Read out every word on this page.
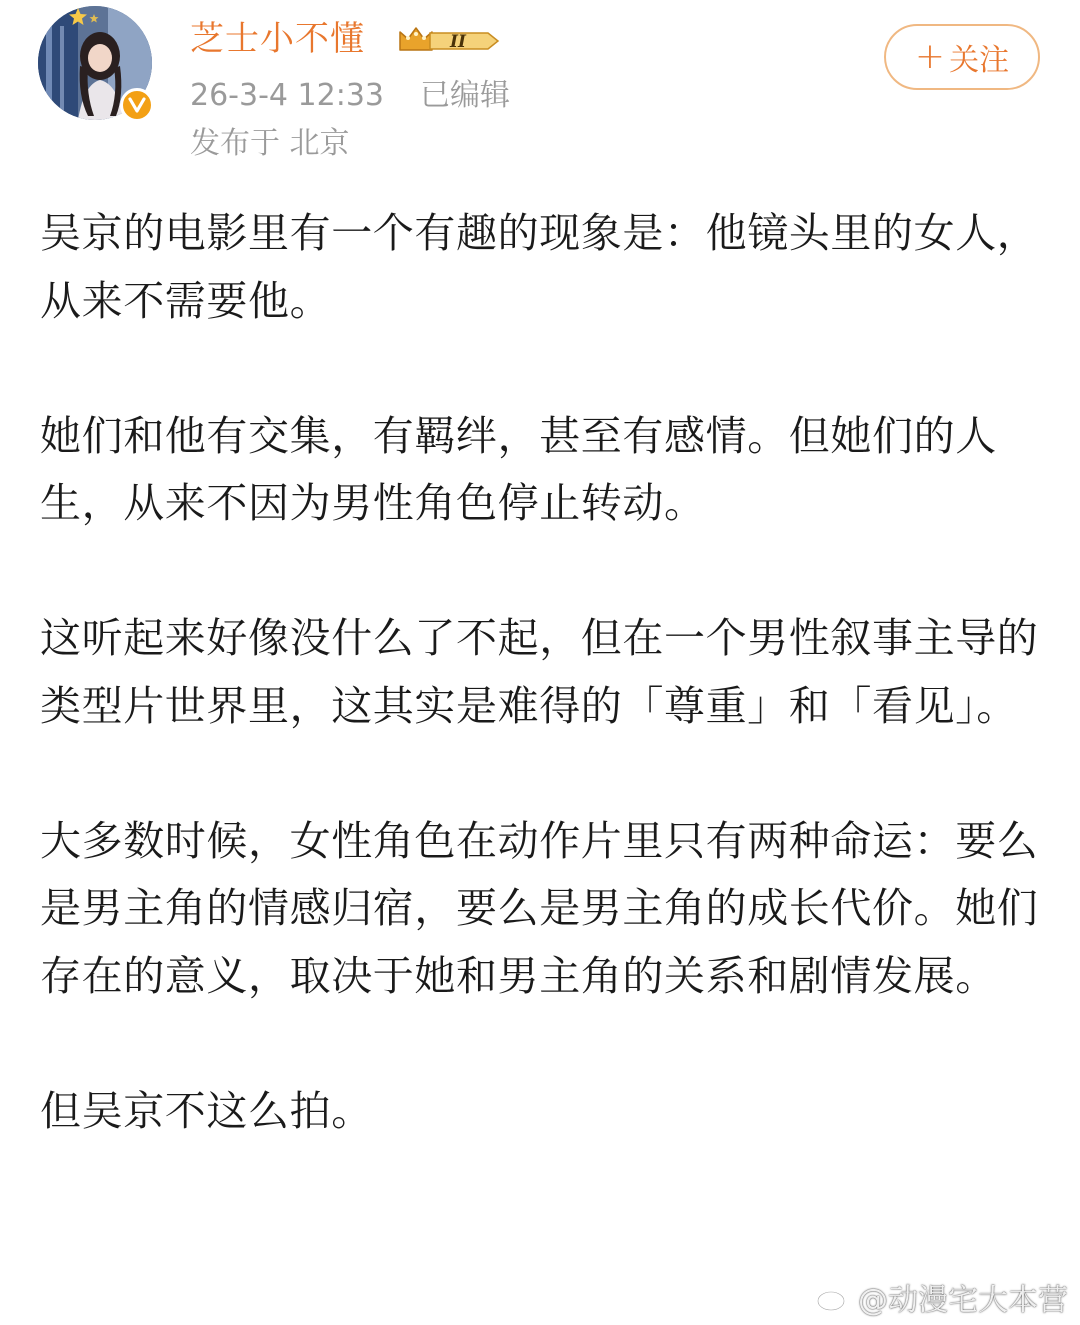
芝士小不懂	II
26-3-4 12:33 已编辑
发布于 北京
+ 关注

吴京的电影里有一个有趣的现象是：他镜头里的女人，从来不需要他。

她们和他有交集，有羁绊，甚至有感情。但她们的人生，从来不因为男性角色停止转动。

这听起来好像没什么了不起，但在一个男性叙事主导的类型片世界里，这其实是难得的「尊重」和「看见」。

大多数时候，女性角色在动作片里只有两种命运：要么是男主角的情感归宿，要么是男主角的成长代价。她们存在的意义，取决于她和男主角的关系和剧情发展。

但吴京不这么拍。

@动漫宅大本营
